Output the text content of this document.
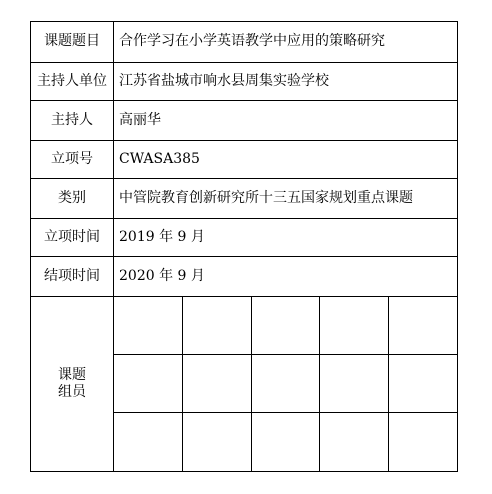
课题题目	合作学习在小学英语教学中应用的策略研究
主持人单位	江苏省盐城市响水县周集实验学校
主持人	高丽华
立项号	CWASA385
类别	中管院教育创新研究所十三五国家规划重点课题
立项时间	2019 年 9 月
结项时间	2020 年 9 月

课题
组员
